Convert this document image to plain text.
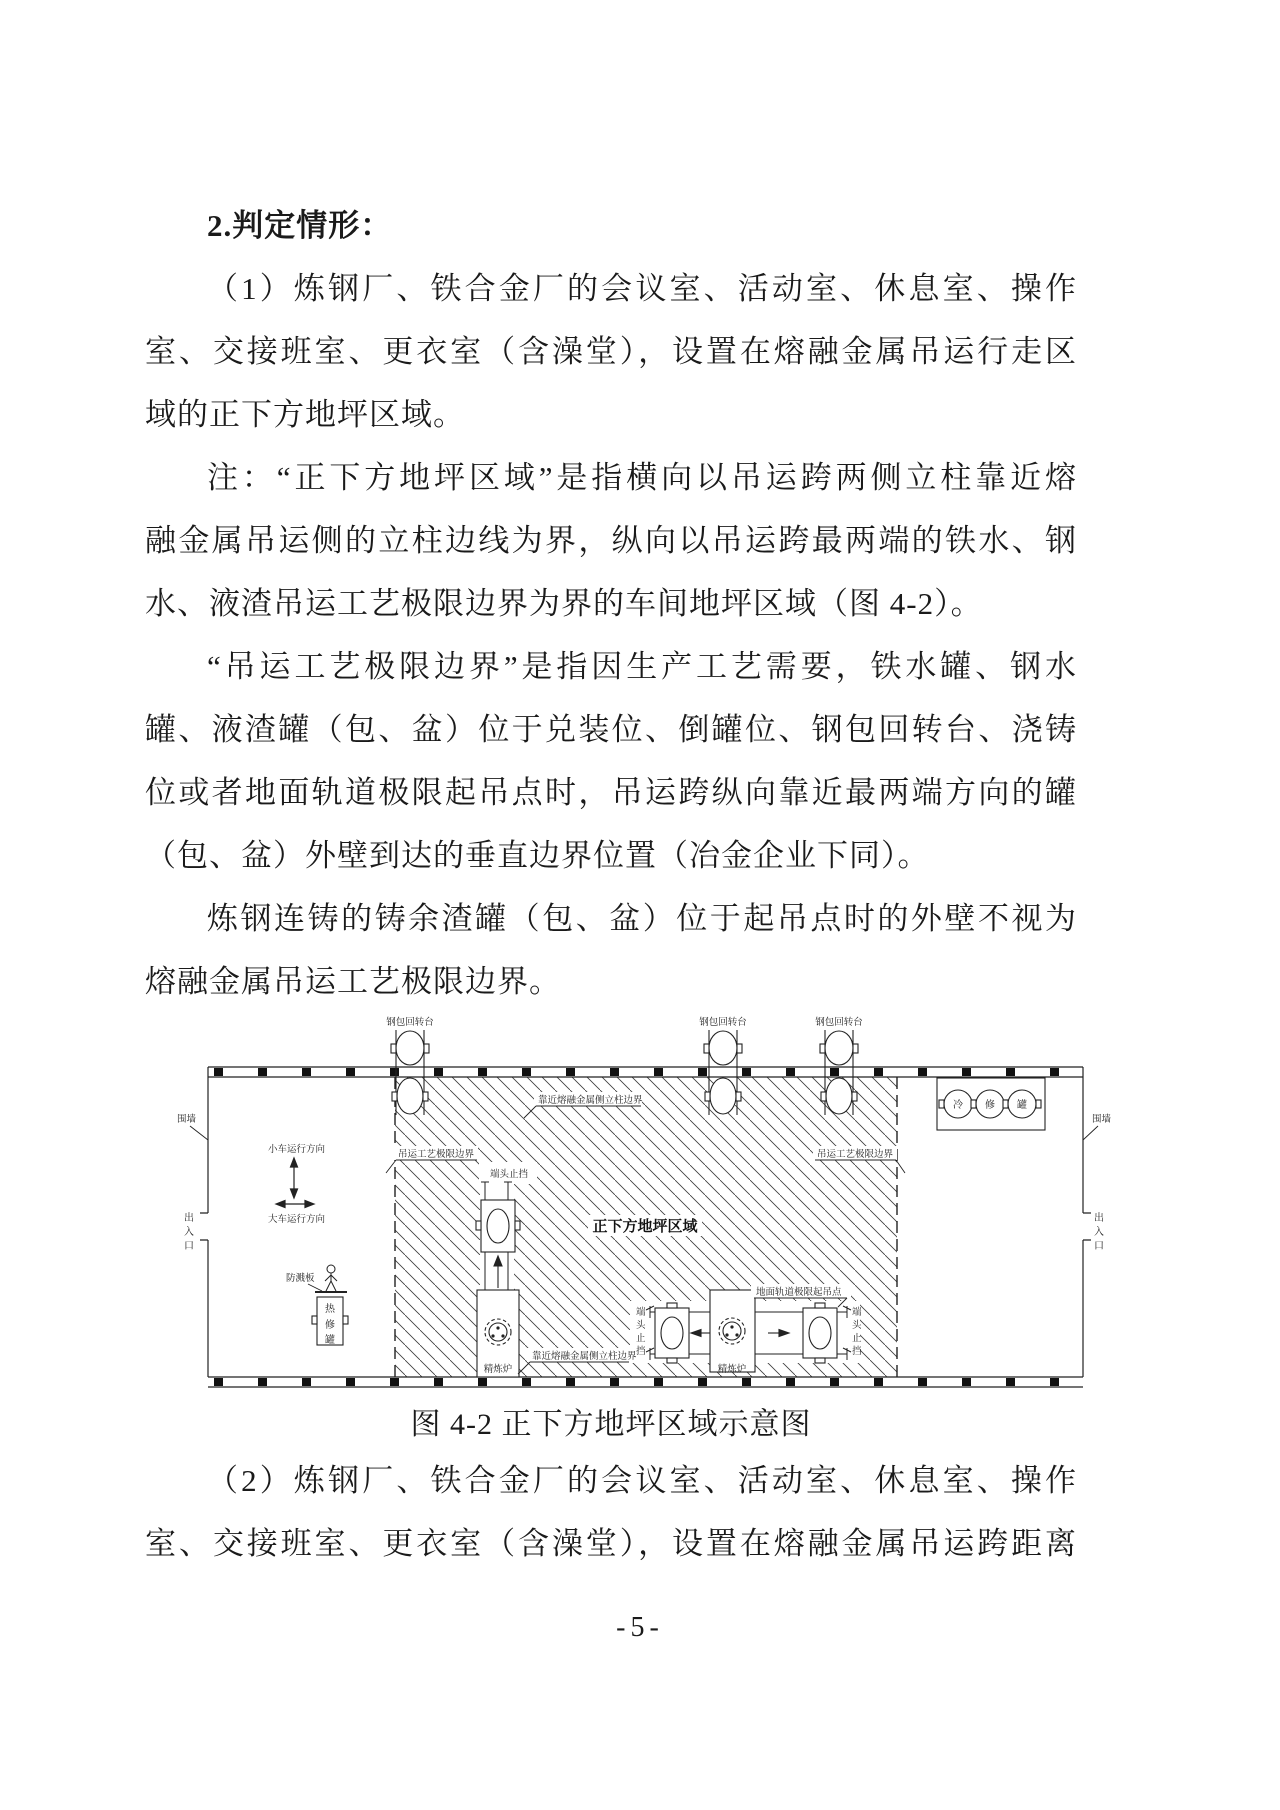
2.判定情形：
（1）炼钢厂、铁合金厂的会议室、活动室、休息室、操作
室、交接班室、更衣室（含澡堂），设置在熔融金属吊运行走区
域的正下方地坪区域。
注：“正下方地坪区域”是指横向以吊运跨两侧立柱靠近熔
融金属吊运侧的立柱边线为界，纵向以吊运跨最两端的铁水、钢
水、液渣吊运工艺极限边界为界的车间地坪区域（图 4-2）。
“吊运工艺极限边界”是指因生产工艺需要，铁水罐、钢水
罐、液渣罐（包、盆）位于兑装位、倒罐位、钢包回转台、浇铸
位或者地面轨道极限起吊点时，吊运跨纵向靠近最两端方向的罐
（包、盆）外壁到达的垂直边界位置（冶金企业下同）。
炼钢连铸的铸余渣罐（包、盆）位于起吊点时的外壁不视为
熔融金属吊运工艺极限边界。
钢包回转台	钢包回转台	钢包回转台
冷 修 罐
围墙	围墙
出
入
口
出
入
口
小车运行方向
大车运行方向
端头止挡
精炼炉	精炼炉
端
头
止
挡
端
头
止
挡
地面轨道极限起吊点
靠近熔融金属侧立柱边界
吊运工艺极限边界	吊运工艺极限边界
靠近熔融金属侧立柱边界
正下方地坪区域
防溅板
热
修
罐
图 4-2 正下方地坪区域示意图
（2）炼钢厂、铁合金厂的会议室、活动室、休息室、操作
室、交接班室、更衣室（含澡堂），设置在熔融金属吊运跨距离
-5-
